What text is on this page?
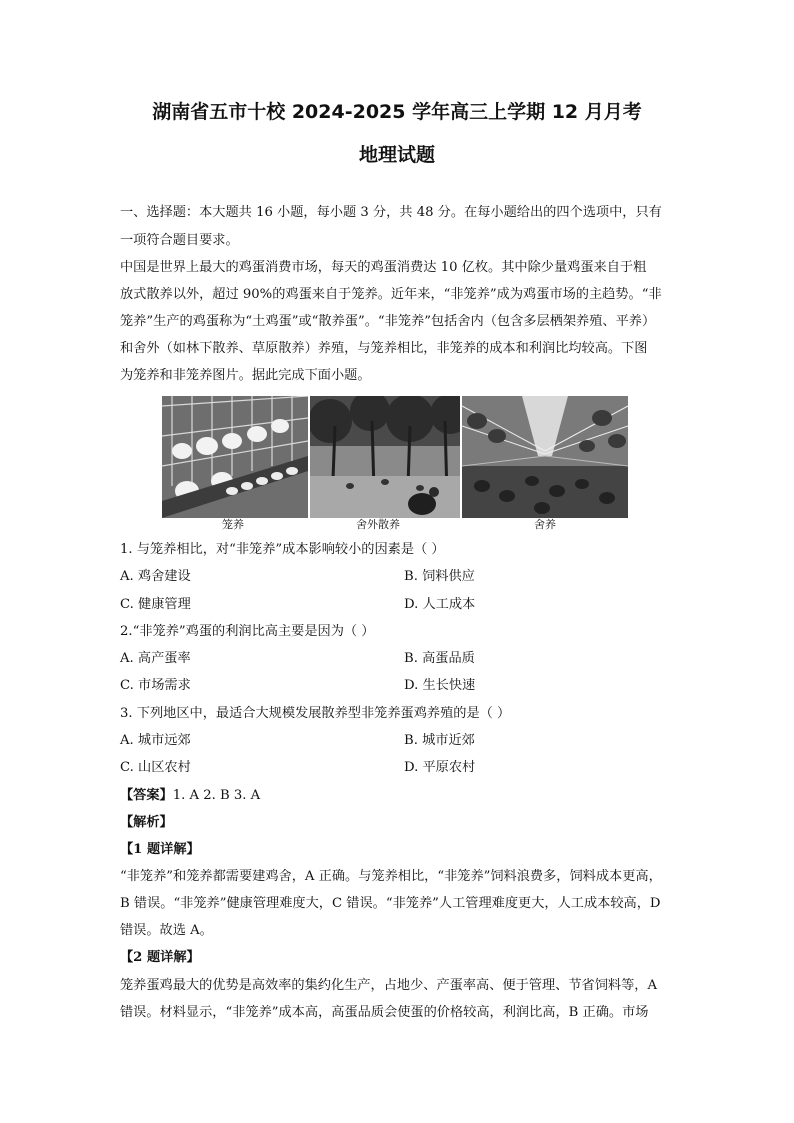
湖南省五市十校 2024-2025 学年高三上学期 12 月月考
地理试题
一、选择题：本大题共 16 小题，每小题 3 分，共 48 分。在每小题给出的四个选项中，只有
一项符合题目要求。
中国是世界上最大的鸡蛋消费市场，每天的鸡蛋消费达 10 亿枚。其中除少量鸡蛋来自于粗
放式散养以外，超过 90%的鸡蛋来自于笼养。近年来，“非笼养”成为鸡蛋市场的主趋势。“非
笼养”生产的鸡蛋称为“土鸡蛋”或“散养蛋”。“非笼养”包括舍内（包含多层栖架养殖、平养）
和舍外（如林下散养、草原散养）养殖，与笼养相比，非笼养的成本和利润比均较高。下图
为笼养和非笼养图片。据此完成下面小题。
笼养	舍外散养	舍养
1. 与笼养相比，对“非笼养”成本影响较小的因素是（ ）
A. 鸡舍建设	B. 饲料供应
C. 健康管理	D. 人工成本
2.“非笼养”鸡蛋的利润比高主要是因为（ ）
A. 高产蛋率	B. 高蛋品质
C. 市场需求	D. 生长快速
3. 下列地区中，最适合大规模发展散养型非笼养蛋鸡养殖的是（ ）
A. 城市远郊	B. 城市近郊
C. 山区农村	D. 平原农村
【答案】1. A 2. B 3. A
【解析】
【1 题详解】
“非笼养”和笼养都需要建鸡舍，A 正确。与笼养相比，“非笼养”饲料浪费多，饲料成本更高，
B 错误。“非笼养”健康管理难度大，C 错误。“非笼养”人工管理难度更大，人工成本较高，D
错误。故选 A。
【2 题详解】
笼养蛋鸡最大的优势是高效率的集约化生产，占地少、产蛋率高、便于管理、节省饲料等，A
错误。材料显示，“非笼养”成本高，高蛋品质会使蛋的价格较高，利润比高，B 正确。市场
